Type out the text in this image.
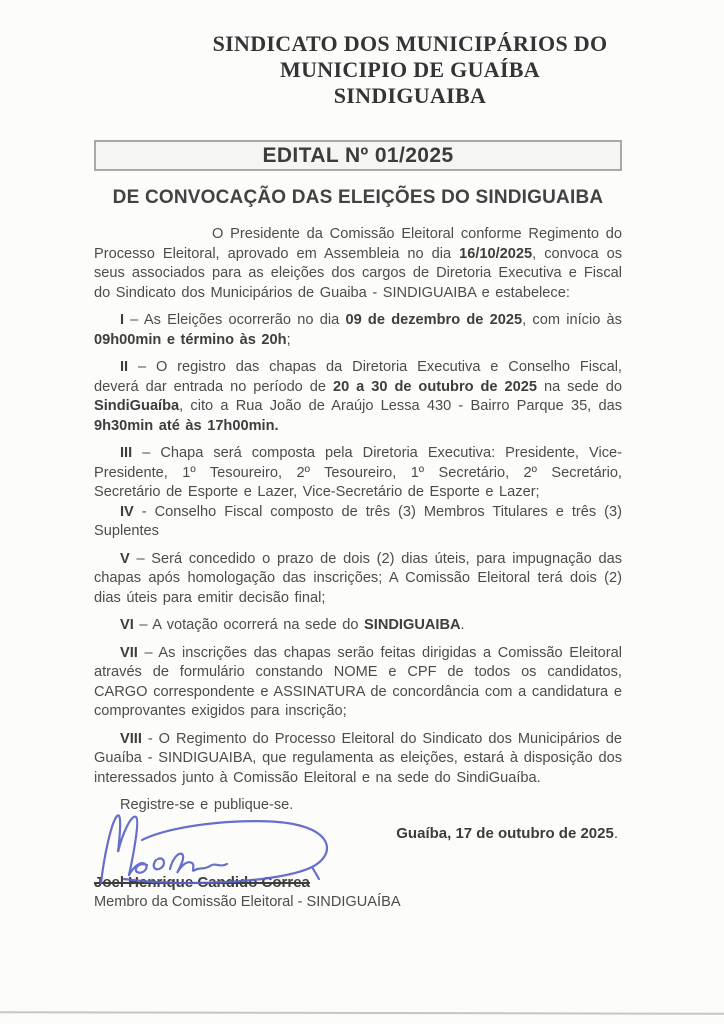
SINDICATO DOS MUNICIPÁRIOS DO
MUNICIPIO DE GUAÍBA
SINDIGUAIBA
EDITAL Nº 01/2025
DE CONVOCAÇÃO DAS ELEIÇÕES DO SINDIGUAIBA

O Presidente da Comissão Eleitoral conforme Regimento do Processo Eleitoral, aprovado em Assembleia no dia 16/10/2025, convoca os seus associados para as eleições dos cargos de Diretoria Executiva e Fiscal do Sindicato dos Municipários de Guaiba - SINDIGUAIBA e estabelece:

I – As Eleições ocorrerão no dia 09 de dezembro de 2025, com início às 09h00min e término às 20h;

II – O registro das chapas da Diretoria Executiva e Conselho Fiscal, deverá dar entrada no período de 20 a 30 de outubro de 2025 na sede do SindiGuaíba, cito a Rua João de Araújo Lessa 430 - Bairro Parque 35, das 9h30min até às 17h00min.

III – Chapa será composta pela Diretoria Executiva: Presidente, Vice-Presidente, 1º Tesoureiro, 2º Tesoureiro, 1º Secretário, 2º Secretário, Secretário de Esporte e Lazer, Vice-Secretário de Esporte e Lazer;

IV - Conselho Fiscal composto de três (3) Membros Titulares e três (3) Suplentes

V – Será concedido o prazo de dois (2) dias úteis, para impugnação das chapas após homologação das inscrições; A Comissão Eleitoral terá dois (2) dias úteis para emitir decisão final;

VI – A votação ocorrerá na sede do SINDIGUAIBA.

VII – As inscrições das chapas serão feitas dirigidas a Comissão Eleitoral através de formulário constando NOME e CPF de todos os candidatos, CARGO correspondente e ASSINATURA de concordância com a candidatura e comprovantes exigidos para inscrição;

VIII - O Regimento do Processo Eleitoral do Sindicato dos Municipários de Guaíba - SINDIGUAIBA, que regulamenta as eleições, estará à disposição dos interessados junto à Comissão Eleitoral e na sede do SindiGuaíba.

Registre-se e publique-se.

Guaíba, 17 de outubro de 2025.
Joel Henrique Candido Correa
Membro da Comissão Eleitoral - SINDIGUAÍBA
